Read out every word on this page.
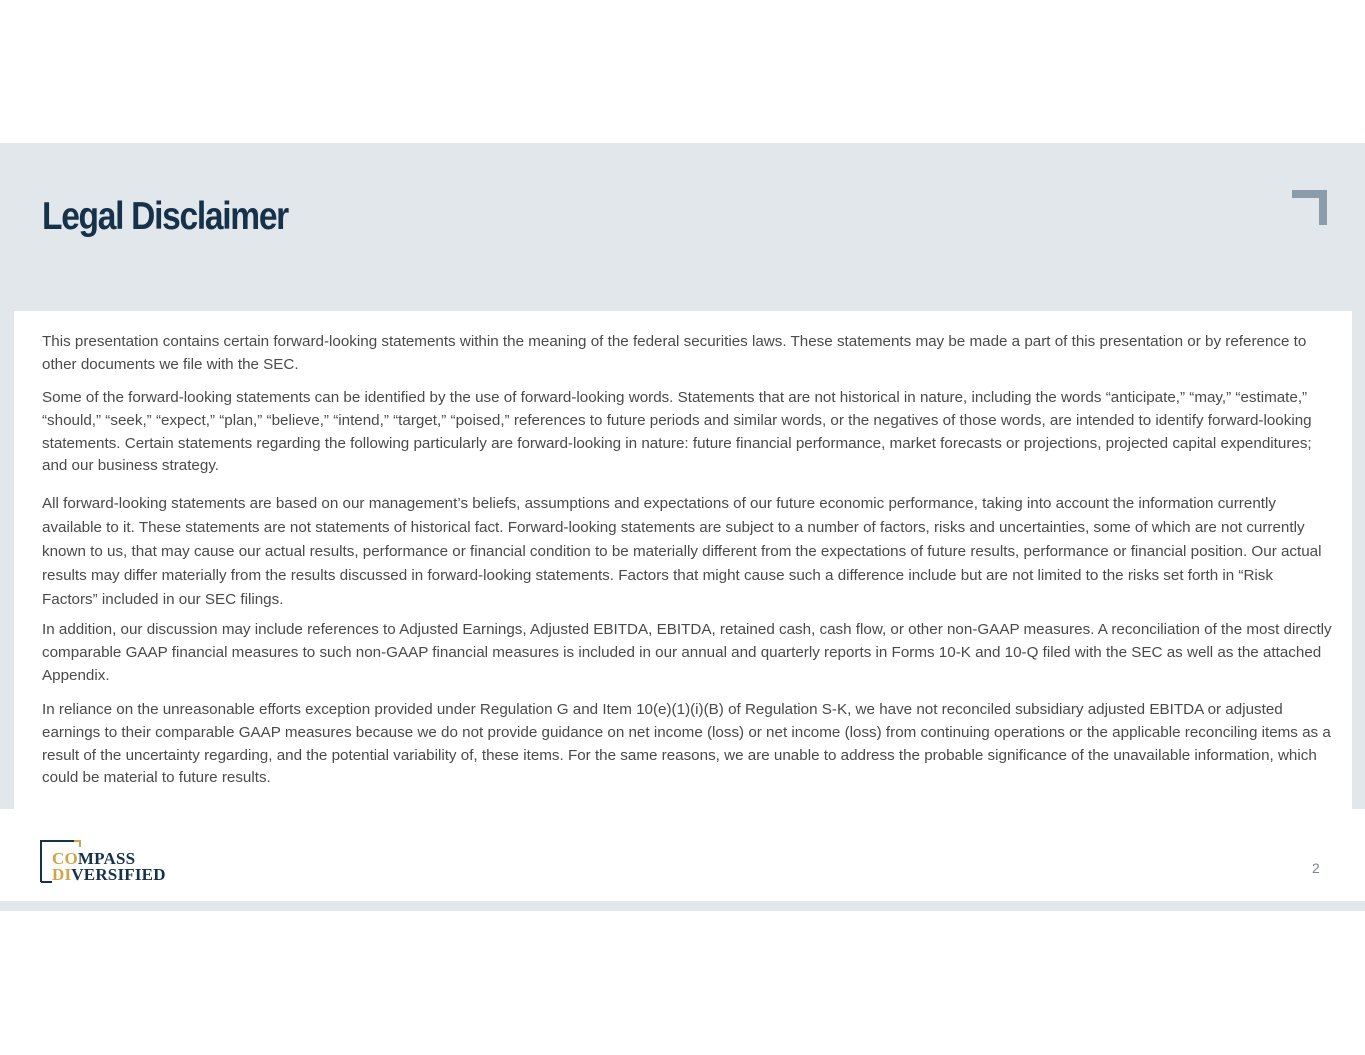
Legal Disclaimer

This presentation contains certain forward-looking statements within the meaning of the federal securities laws. These statements may be made a part of this presentation or by reference to other documents we file with the SEC.

Some of the forward-looking statements can be identified by the use of forward-looking words. Statements that are not historical in nature, including the words “anticipate,” “may,” “estimate,” “should,” “seek,” “expect,” “plan,” “believe,” “intend,” “target,” “poised,” references to future periods and similar words, or the negatives of those words, are intended to identify forward-looking statements. Certain statements regarding the following particularly are forward-looking in nature: future financial performance, market forecasts or projections, projected capital expenditures; and our business strategy.

All forward-looking statements are based on our management’s beliefs, assumptions and expectations of our future economic performance, taking into account the information currently available to it. These statements are not statements of historical fact. Forward-looking statements are subject to a number of factors, risks and uncertainties, some of which are not currently known to us, that may cause our actual results, performance or financial condition to be materially different from the expectations of future results, performance or financial position. Our actual results may differ materially from the results discussed in forward-looking statements. Factors that might cause such a difference include but are not limited to the risks set forth in “Risk Factors” included in our SEC filings.

In addition, our discussion may include references to Adjusted Earnings, Adjusted EBITDA, EBITDA, retained cash, cash flow, or other non-GAAP measures. A reconciliation of the most directly comparable GAAP financial measures to such non-GAAP financial measures is included in our annual and quarterly reports in Forms 10-K and 10-Q filed with the SEC as well as the attached Appendix.

In reliance on the unreasonable efforts exception provided under Regulation G and Item 10(e)(1)(i)(B) of Regulation S-K, we have not reconciled subsidiary adjusted EBITDA or adjusted earnings to their comparable GAAP measures because we do not provide guidance on net income (loss) or net income (loss) from continuing operations or the applicable reconciling items as a result of the uncertainty regarding, and the potential variability of, these items. For the same reasons, we are unable to address the probable significance of the unavailable information, which could be material to future results.

COMPASS
DIVERSIFIED	2
